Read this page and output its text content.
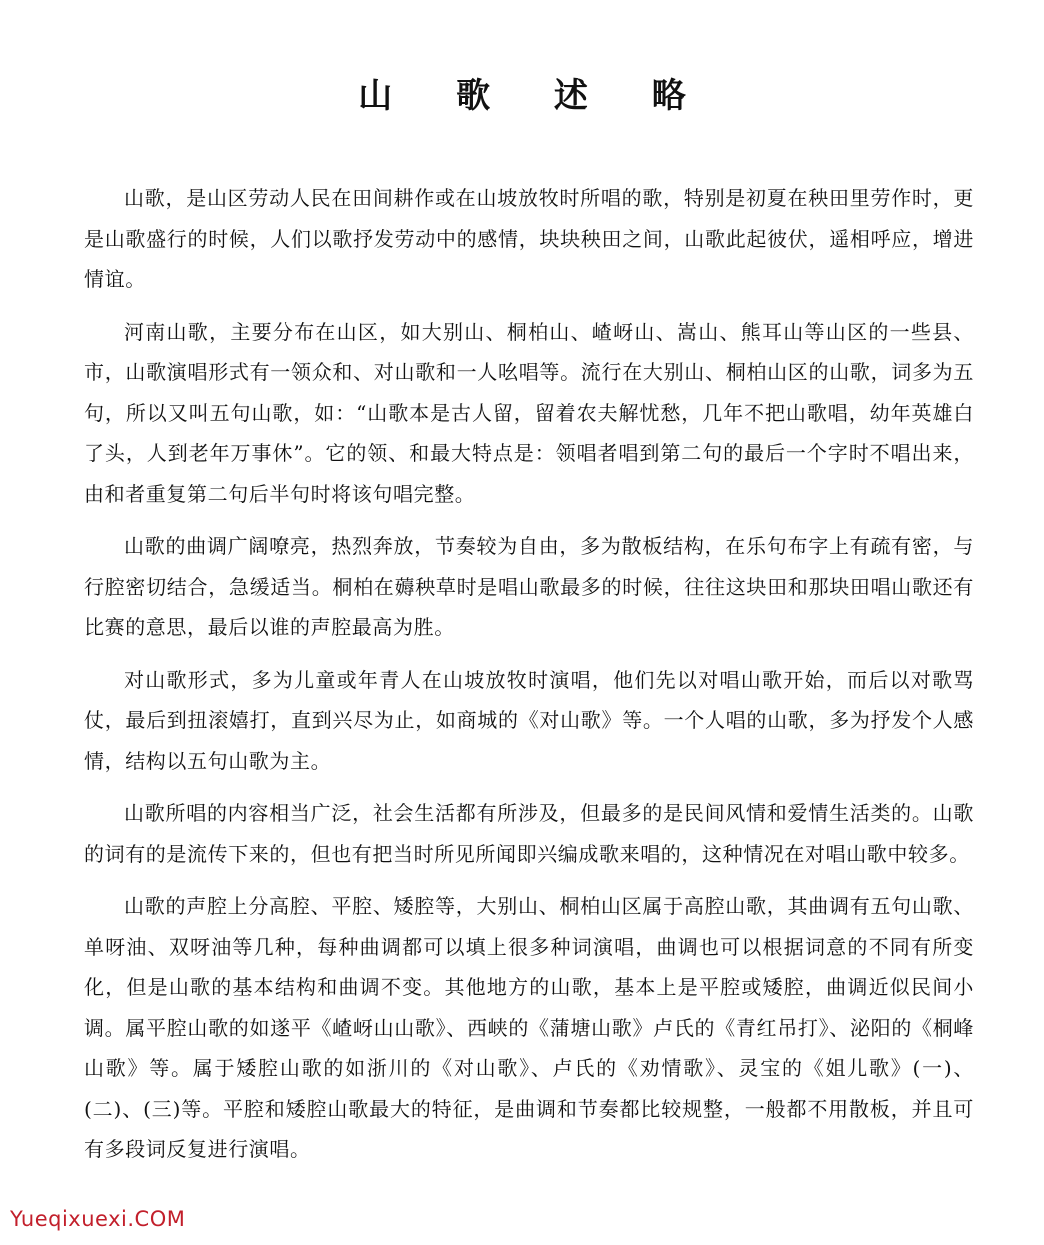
山 歌 述 略

山歌，是山区劳动人民在田间耕作或在山坡放牧时所唱的歌，特别是初夏在秧田里劳作时，更是山歌盛行的时候，人们以歌抒发劳动中的感情，块块秧田之间，山歌此起彼伏，遥相呼应，增进情谊。

河南山歌，主要分布在山区，如大别山、桐柏山、嵖岈山、嵩山、熊耳山等山区的一些县、市，山歌演唱形式有一领众和、对山歌和一人吆唱等。流行在大别山、桐柏山区的山歌，词多为五句，所以又叫五句山歌，如：“山歌本是古人留，留着农夫解忧愁，几年不把山歌唱，幼年英雄白了头，人到老年万事休”。它的领、和最大特点是：领唱者唱到第二句的最后一个字时不唱出来，由和者重复第二句后半句时将该句唱完整。

山歌的曲调广阔嘹亮，热烈奔放，节奏较为自由，多为散板结构，在乐句布字上有疏有密，与行腔密切结合，急缓适当。桐柏在薅秧草时是唱山歌最多的时候，往往这块田和那块田唱山歌还有比赛的意思，最后以谁的声腔最高为胜。

对山歌形式，多为儿童或年青人在山坡放牧时演唱，他们先以对唱山歌开始，而后以对歌骂仗，最后到扭滚嬉打，直到兴尽为止，如商城的《对山歌》等。一个人唱的山歌，多为抒发个人感情，结构以五句山歌为主。

山歌所唱的内容相当广泛，社会生活都有所涉及，但最多的是民间风情和爱情生活类的。山歌的词有的是流传下来的，但也有把当时所见所闻即兴编成歌来唱的，这种情况在对唱山歌中较多。

山歌的声腔上分高腔、平腔、矮腔等，大别山、桐柏山区属于高腔山歌，其曲调有五句山歌、单呀油、双呀油等几种，每种曲调都可以填上很多种词演唱，曲调也可以根据词意的不同有所变化，但是山歌的基本结构和曲调不变。其他地方的山歌，基本上是平腔或矮腔，曲调近似民间小调。属平腔山歌的如遂平《嵖岈山山歌》、西峡的《蒲塘山歌》卢氏的《青红吊打》、泌阳的《桐峰山歌》等。属于矮腔山歌的如浙川的《对山歌》、卢氏的《劝情歌》、灵宝的《姐儿歌》(一)、(二)、(三)等。平腔和矮腔山歌最大的特征，是曲调和节奏都比较规整，一般都不用散板，并且可有多段词反复进行演唱。

Yueqixuexi.COM
